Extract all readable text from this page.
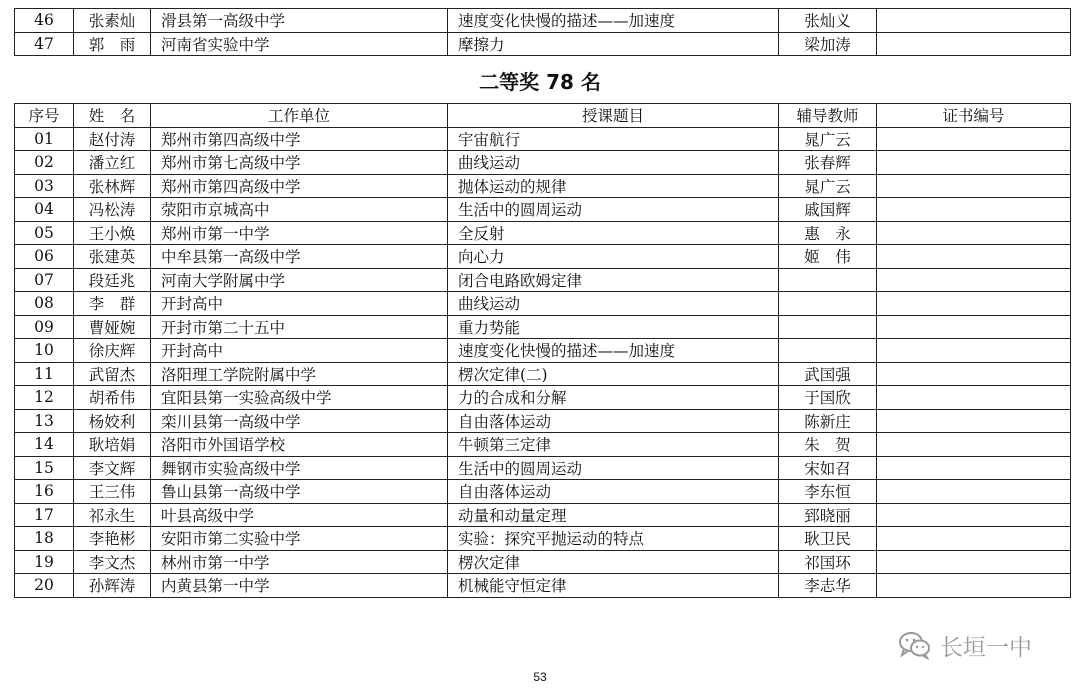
46	张素灿	滑县第一高级中学	速度变化快慢的描述——加速度	张灿义	
47	郭　雨	河南省实验中学	摩擦力	梁加涛	
二等奖 78 名
序号	姓　名	工作单位	授课题目	辅导教师	证书编号
01	赵付涛	郑州市第四高级中学	宇宙航行	晁广云	
02	潘立红	郑州市第七高级中学	曲线运动	张春辉	
03	张林辉	郑州市第四高级中学	抛体运动的规律	晁广云	
04	冯松涛	荥阳市京城高中	生活中的圆周运动	戚国辉	
05	王小焕	郑州市第一中学	全反射	惠　永	
06	张建英	中牟县第一高级中学	向心力	姬　伟	
07	段廷兆	河南大学附属中学	闭合电路欧姆定律		
08	李　群	开封高中	曲线运动		
09	曹娅婉	开封市第二十五中	重力势能		
10	徐庆辉	开封高中	速度变化快慢的描述——加速度		
11	武留杰	洛阳理工学院附属中学	楞次定律(二)	武国强	
12	胡希伟	宜阳县第一实验高级中学	力的合成和分解	于国欣	
13	杨姣利	栾川县第一高级中学	自由落体运动	陈新庄	
14	耿培娟	洛阳市外国语学校	牛顿第三定律	朱　贺	
15	李文辉	舞钢市实验高级中学	生活中的圆周运动	宋如召	
16	王三伟	鲁山县第一高级中学	自由落体运动	李东恒	
17	祁永生	叶县高级中学	动量和动量定理	郅晓丽	
18	李艳彬	安阳市第二实验中学	实验：探究平抛运动的特点	耿卫民	
19	李文杰	林州市第一中学	楞次定律	祁国环	
20	孙辉涛	内黄县第一中学	机械能守恒定律	李志华	
53
长垣一中
